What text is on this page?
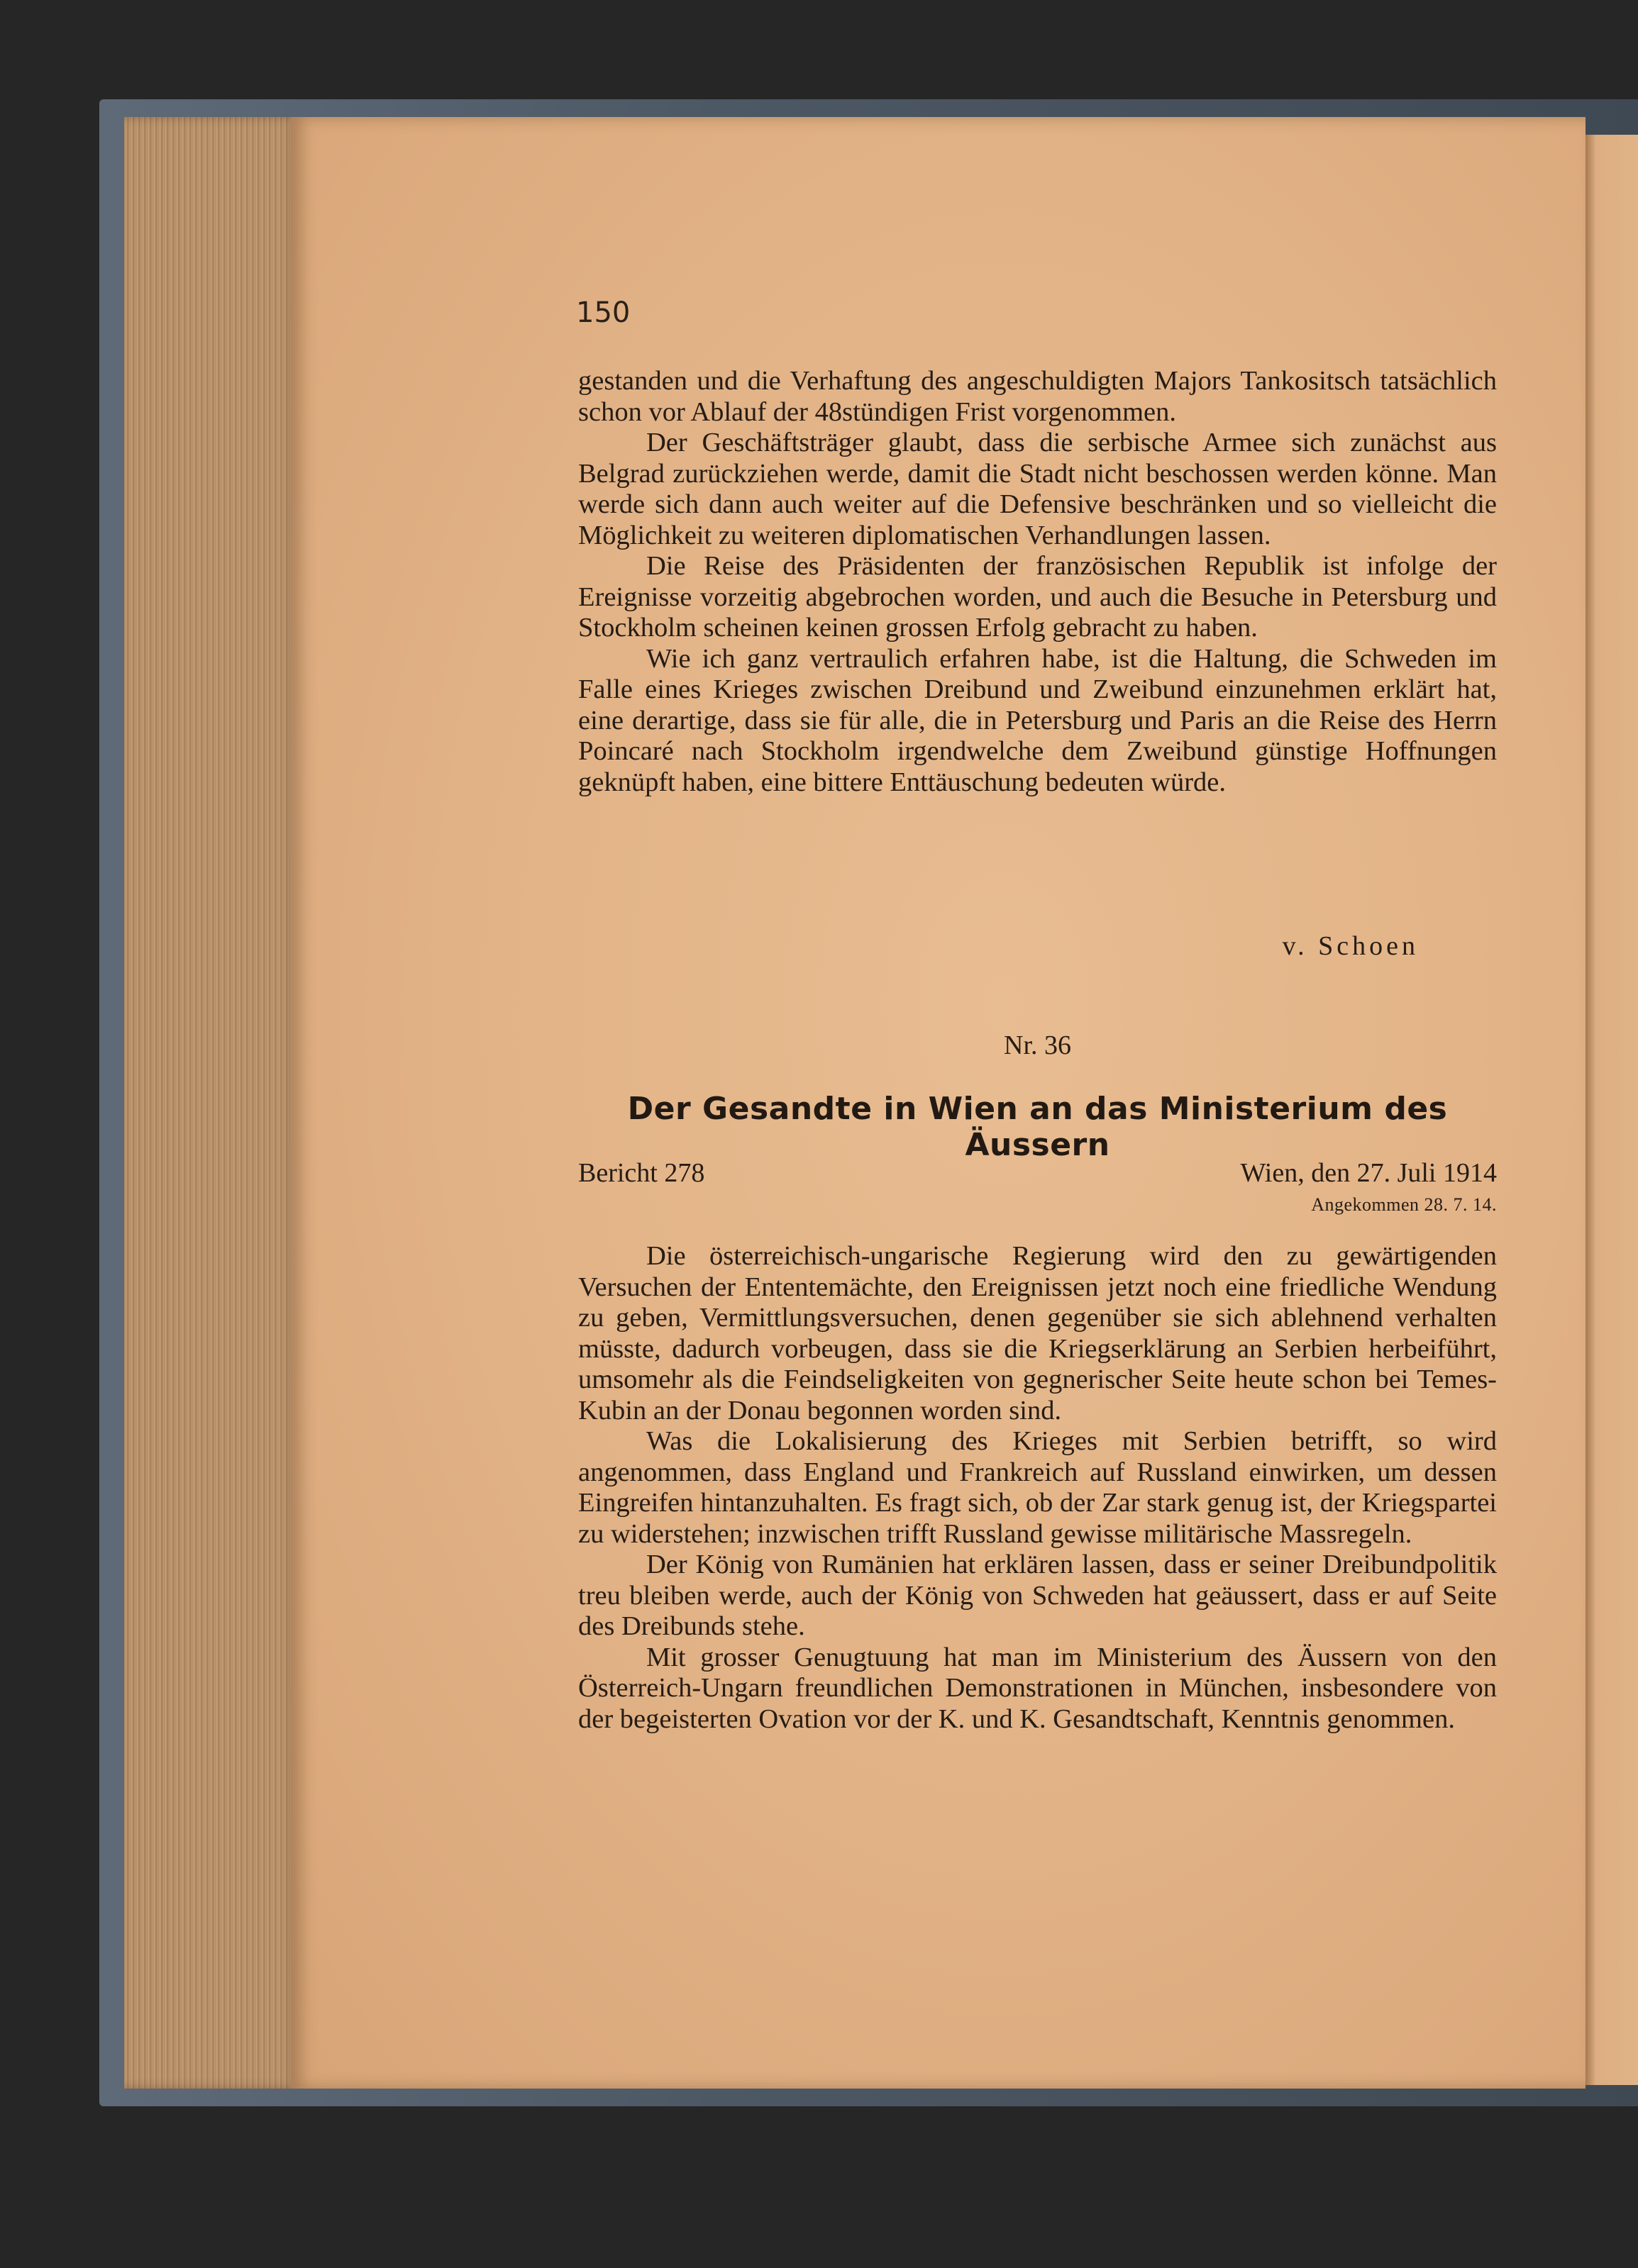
150

gestanden und die Verhaftung des angeschuldigten Majors Tankositsch tatsächlich schon vor Ablauf der 48stündigen Frist vorgenommen.

Der Geschäftsträger glaubt, dass die serbische Armee sich zunächst aus Belgrad zurückziehen werde, damit die Stadt nicht beschossen werden könne. Man werde sich dann auch weiter auf die Defensive beschränken und so vielleicht die Möglichkeit zu weiteren diplomatischen Verhandlungen lassen.

Die Reise des Präsidenten der französischen Republik ist infolge der Ereignisse vorzeitig abgebrochen worden, und auch die Besuche in Petersburg und Stockholm scheinen keinen grossen Erfolg gebracht zu haben.

Wie ich ganz vertraulich erfahren habe, ist die Haltung, die Schweden im Falle eines Krieges zwischen Dreibund und Zweibund einzunehmen erklärt hat, eine derartige, dass sie für alle, die in Petersburg und Paris an die Reise des Herrn Poincaré nach Stockholm irgendwelche dem Zweibund günstige Hoffnungen geknüpft haben, eine bittere Enttäuschung bedeuten würde.

v. Schoen
Nr. 36
Der Gesandte in Wien an das Ministerium des Äussern
Bericht 278	Wien, den 27. Juli 1914
Angekommen 28. 7. 14.

Die österreichisch-ungarische Regierung wird den zu gewärtigenden Versuchen der Ententemächte, den Ereignissen jetzt noch eine friedliche Wendung zu geben, Vermittlungsversuchen, denen gegenüber sie sich ablehnend verhalten müsste, dadurch vorbeugen, dass sie die Kriegserklärung an Serbien herbeiführt, umsomehr als die Feindseligkeiten von gegnerischer Seite heute schon bei Temes-Kubin an der Donau begonnen worden sind.

Was die Lokalisierung des Krieges mit Serbien betrifft, so wird angenommen, dass England und Frankreich auf Russland einwirken, um dessen Eingreifen hintanzuhalten. Es fragt sich, ob der Zar stark genug ist, der Kriegspartei zu widerstehen; inzwischen trifft Russland gewisse militärische Massregeln.

Der König von Rumänien hat erklären lassen, dass er seiner Dreibundpolitik treu bleiben werde, auch der König von Schweden hat geäussert, dass er auf Seite des Dreibunds stehe.

Mit grosser Genugtuung hat man im Ministerium des Äussern von den Österreich-Ungarn freundlichen Demonstrationen in München, insbesondere von der begeisterten Ovation vor der K. und K. Gesandtschaft, Kenntnis genommen.
